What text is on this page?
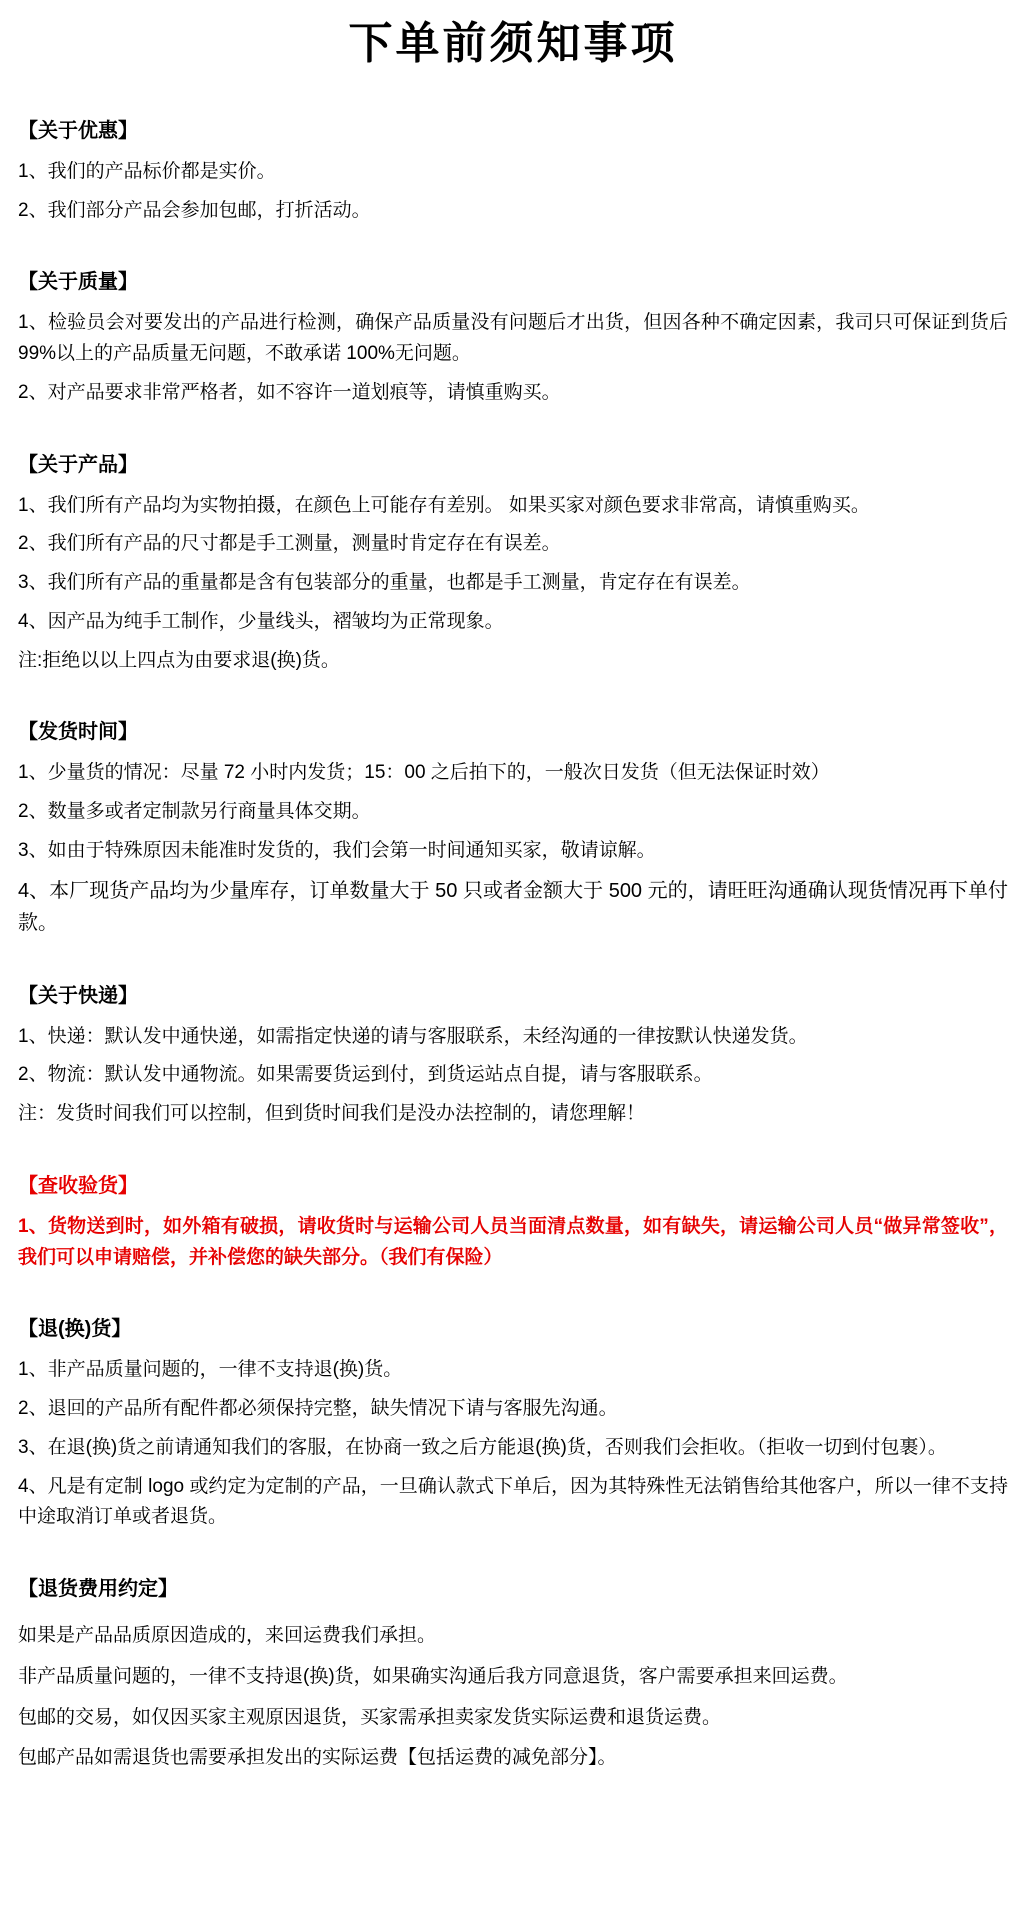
下单前须知事项
【关于优惠】
1、我们的产品标价都是实价。
2、我们部分产品会参加包邮，打折活动。
【关于质量】
1、检验员会对要发出的产品进行检测，确保产品质量没有问题后才出货，但因各种不确定因素，我司只可保证到货后 99%以上的产品质量无问题，不敢承诺 100%无问题。
2、对产品要求非常严格者，如不容许一道划痕等，请慎重购买。
【关于产品】
1、我们所有产品均为实物拍摄，在颜色上可能存有差别。 如果买家对颜色要求非常高，请慎重购买。
2、我们所有产品的尺寸都是手工测量，测量时肯定存在有误差。
3、我们所有产品的重量都是含有包装部分的重量，也都是手工测量，肯定存在有误差。
4、因产品为纯手工制作，少量线头，褶皱均为正常现象。
注:拒绝以以上四点为由要求退(换)货。
【发货时间】
1、少量货的情况：尽量 72 小时内发货；15：00 之后拍下的，一般次日发货（但无法保证时效）
2、数量多或者定制款另行商量具体交期。
3、如由于特殊原因未能准时发货的，我们会第一时间通知买家，敬请谅解。
4、本厂现货产品均为少量库存，订单数量大于 50 只或者金额大于 500 元的，请旺旺沟通确认现货情况再下单付款。
【关于快递】
1、快递：默认发中通快递，如需指定快递的请与客服联系，未经沟通的一律按默认快递发货。
2、物流：默认发中通物流。如果需要货运到付，到货运站点自提，请与客服联系。
注：发货时间我们可以控制，但到货时间我们是没办法控制的，请您理解！
【查收验货】
1、货物送到时，如外箱有破损，请收货时与运输公司人员当面清点数量，如有缺失，请运输公司人员“做异常签收”，我们可以申请赔偿，并补偿您的缺失部分。（我们有保险）
【退(换)货】
1、非产品质量问题的，一律不支持退(换)货。
2、退回的产品所有配件都必须保持完整，缺失情况下请与客服先沟通。
3、在退(换)货之前请通知我们的客服，在协商一致之后方能退(换)货，否则我们会拒收。（拒收一切到付包裹）。
4、凡是有定制 logo 或约定为定制的产品，一旦确认款式下单后，因为其特殊性无法销售给其他客户，所以一律不支持中途取消订单或者退货。
【退货费用约定】
如果是产品品质原因造成的，来回运费我们承担。
非产品质量问题的，一律不支持退(换)货，如果确实沟通后我方同意退货，客户需要承担来回运费。
包邮的交易，如仅因买家主观原因退货，买家需承担卖家发货实际运费和退货运费。
包邮产品如需退货也需要承担发出的实际运费【包括运费的减免部分】。
